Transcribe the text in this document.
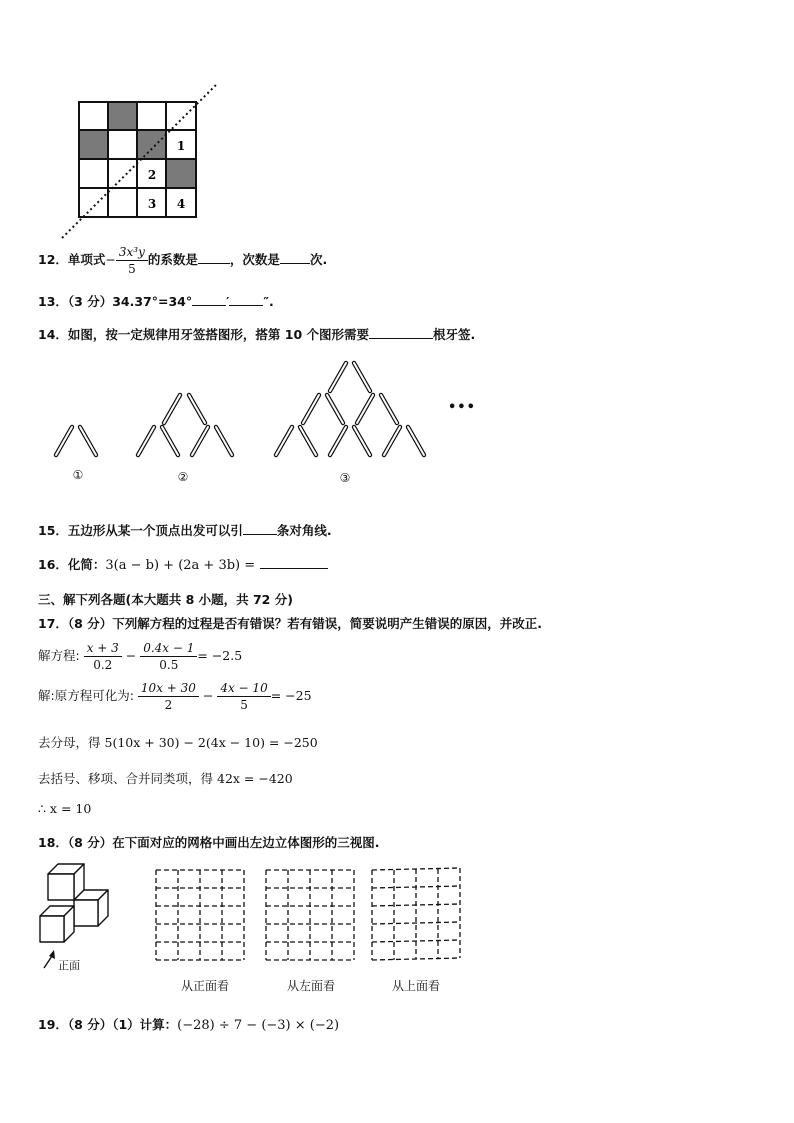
1
2
3 4
12．单项式− $\frac{\text{3x³y}}{5}$ 的系数是	，次数是 次.
13．（3 分）34.37°=34°	′	″.
14．如图，按一定规律用牙签搭图形，搭第 10 个图形需要	根牙签.
①	②	③
•••
15．五边形从某一个顶点出发可以引	条对角线.
16．化简：3(a − b) + (2a + 3b) =
三、解下列各题(本大题共 8 小题，共 72 分)
17．（8 分）下列解方程的过程是否有错误？若有错误，简要说明产生错误的原因，并改正.
解方程: $\frac{x + 3}{0.2} - \frac{0.4x - 1}{0.5} = -2.5$
解:原方程可化为: $\frac{10x + 30}{2} - \frac{4x - 10}{5} = -25$
去分母，得 5(10x + 30) − 2(4x − 10) = −250
去括号、移项、合并同类项，得 42x = −420
∴ x = 10
18．（8 分）在下面对应的网格中画出左边立体图形的三视图.
正面
从正面看	从左面看	从上面看
19．（8 分）（1）计算：(−28) ÷ 7 − (−3) × (−2)
